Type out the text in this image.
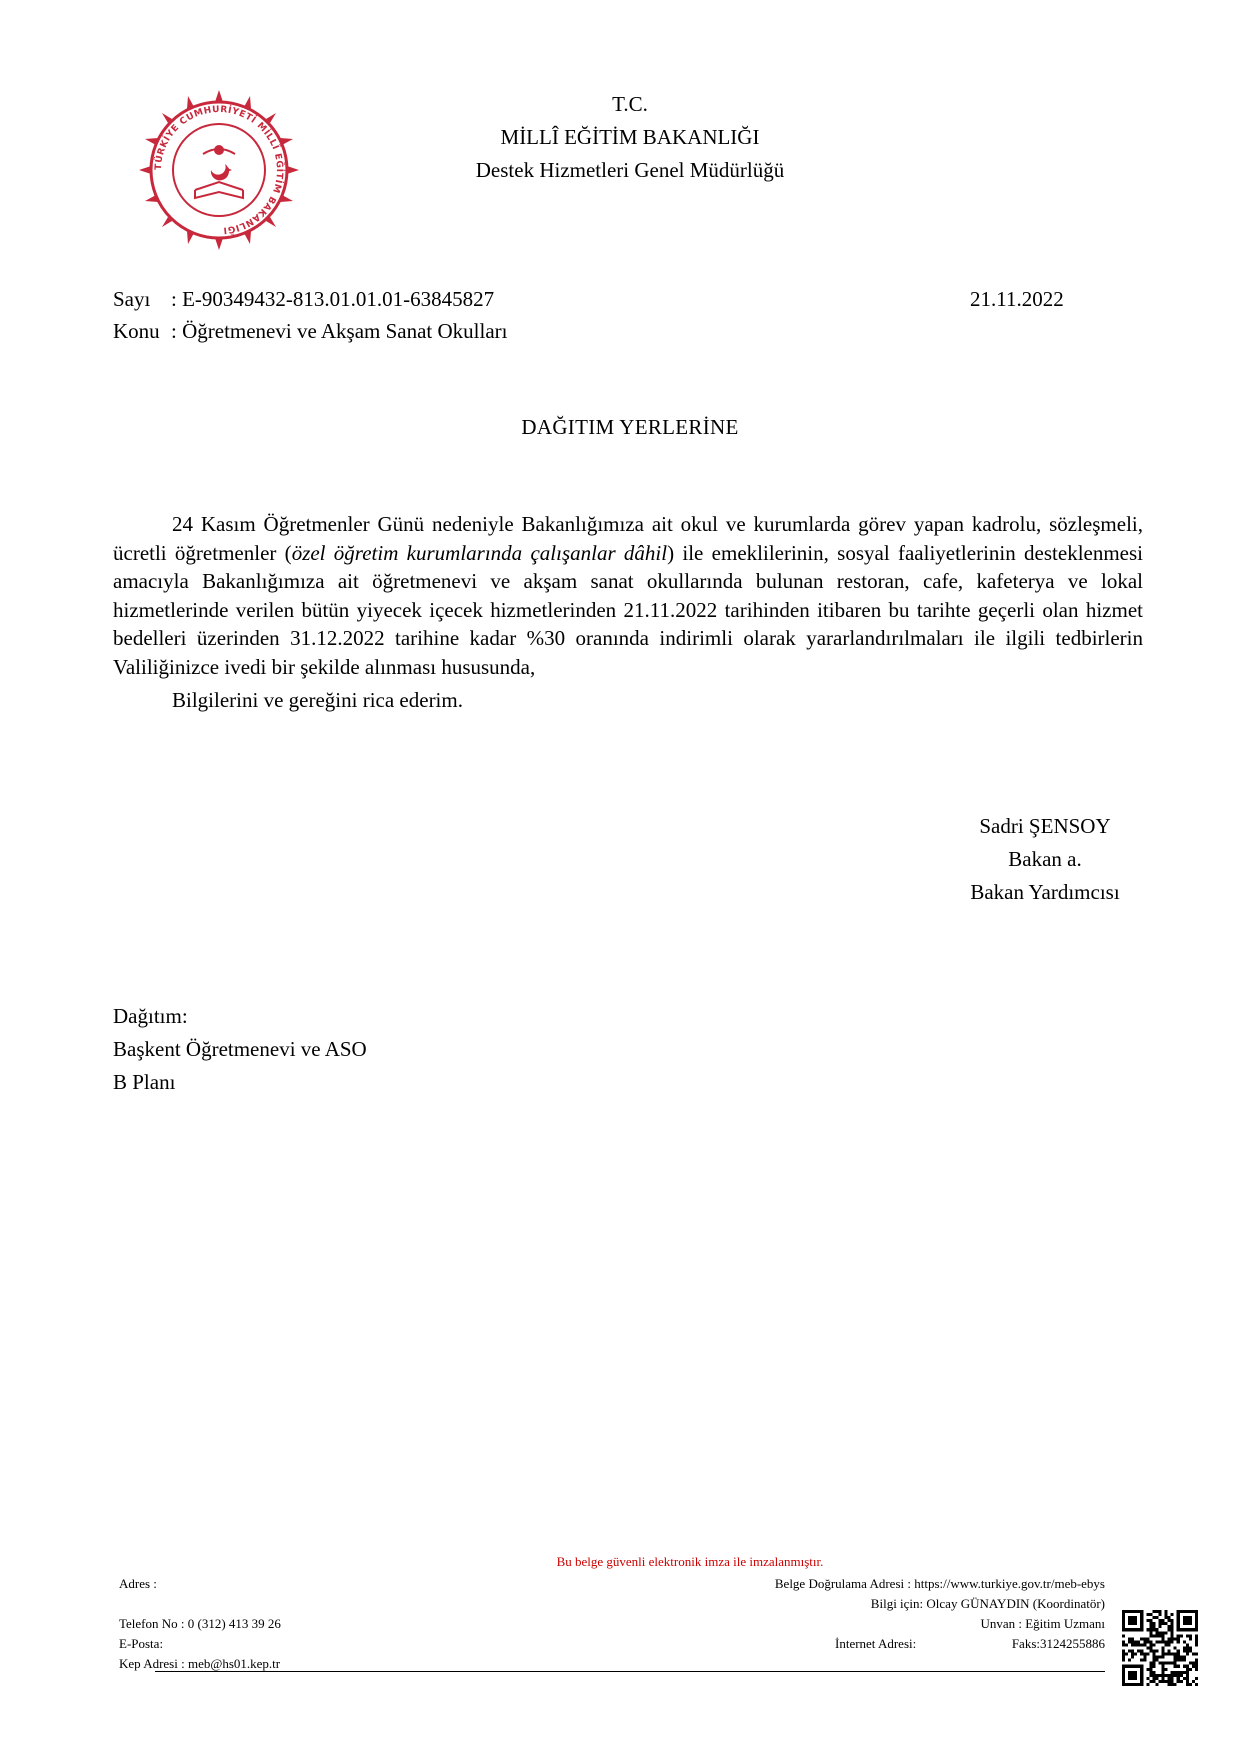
TÜRKİYE CUMHURİYETİ MİLLÎ EĞİTİM BAKANLIĞI
T.C.
MİLLÎ EĞİTİM BAKANLIĞI
Destek Hizmetleri Genel Müdürlüğü
Sayı : E-90349432-813.01.01.01-63845827	21.11.2022
Konu : Öğretmenevi ve Akşam Sanat Okulları
DAĞITIM YERLERİNE

24 Kasım Öğretmenler Günü nedeniyle Bakanlığımıza ait okul ve kurumlarda görev yapan kadrolu, sözleşmeli, ücretli öğretmenler (özel öğretim kurumlarında çalışanlar dâhil) ile emeklilerinin, sosyal faaliyetlerinin desteklenmesi amacıyla Bakanlığımıza ait öğretmenevi ve akşam sanat okullarında bulunan restoran, cafe, kafeterya ve lokal hizmetlerinde verilen bütün yiyecek içecek hizmetlerinden 21.11.2022 tarihinden itibaren bu tarihte geçerli olan hizmet bedelleri üzerinden 31.12.2022 tarihine kadar %30 oranında indirimli olarak yararlandırılmaları ile ilgili tedbirlerin Valiliğinizce ivedi bir şekilde alınması hususunda,

Bilgilerini ve gereğini rica ederim.

Sadri ŞENSOY
Bakan a.
Bakan Yardımcısı
Dağıtım:
Başkent Öğretmenevi ve ASO
B Planı
Bu belge güvenli elektronik imza ile imzalanmıştır.
Adres :
Telefon No : 0 (312) 413 39 26
E-Posta:
Kep Adresi : meb@hs01.kep.tr
Belge Doğrulama Adresi : https://www.turkiye.gov.tr/meb-ebys
Bilgi için: Olcay GÜNAYDIN (Koordinatör)
Unvan : Eğitim Uzmanı
İnternet Adresi:	Faks:3124255886
